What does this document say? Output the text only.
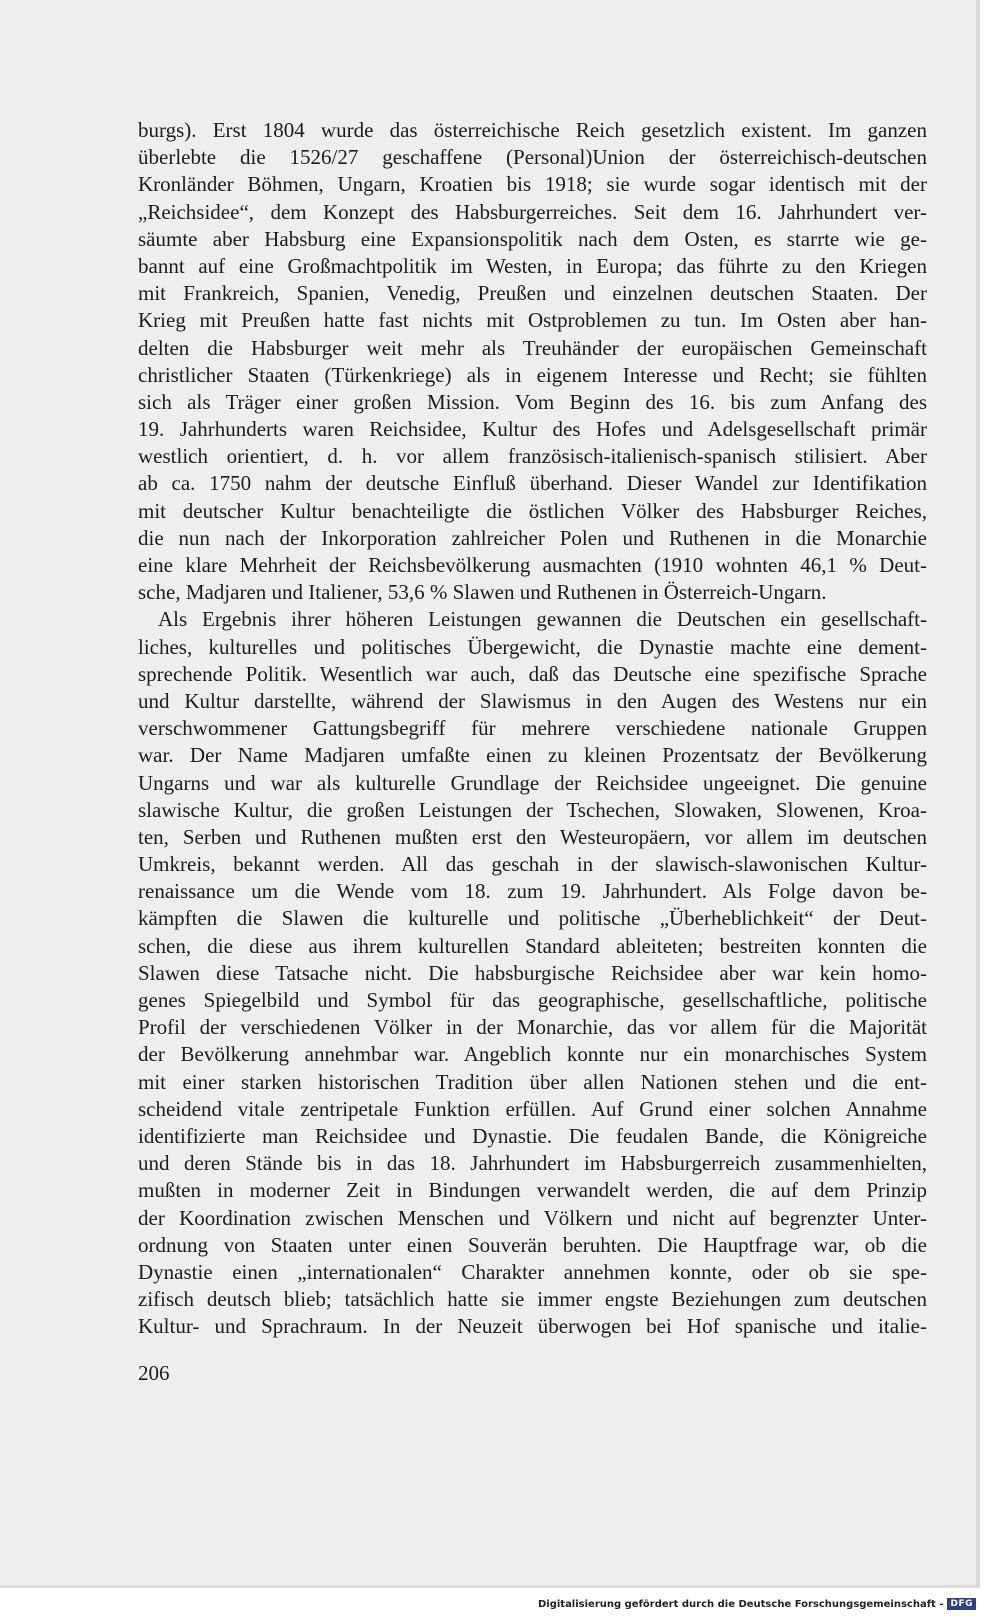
burgs). Erst 1804 wurde das österreichische Reich gesetzlich existent. Im ganzen
überlebte die 1526/27 geschaffene (Personal)Union der österreichisch-deutschen
Kronländer Böhmen, Ungarn, Kroatien bis 1918; sie wurde sogar identisch mit der
„Reichsidee“, dem Konzept des Habsburgerreiches. Seit dem 16. Jahrhundert ver-
säumte aber Habsburg eine Expansionspolitik nach dem Osten, es starrte wie ge-
bannt auf eine Großmachtpolitik im Westen, in Europa; das führte zu den Kriegen
mit Frankreich, Spanien, Venedig, Preußen und einzelnen deutschen Staaten. Der
Krieg mit Preußen hatte fast nichts mit Ostproblemen zu tun. Im Osten aber han-
delten die Habsburger weit mehr als Treuhänder der europäischen Gemeinschaft
christlicher Staaten (Türkenkriege) als in eigenem Interesse und Recht; sie fühlten
sich als Träger einer großen Mission. Vom Beginn des 16. bis zum Anfang des
19. Jahrhunderts waren Reichsidee, Kultur des Hofes und Adelsgesellschaft primär
westlich orientiert, d. h. vor allem französisch-italienisch-spanisch stilisiert. Aber
ab ca. 1750 nahm der deutsche Einfluß überhand. Dieser Wandel zur Identifikation
mit deutscher Kultur benachteiligte die östlichen Völker des Habsburger Reiches,
die nun nach der Inkorporation zahlreicher Polen und Ruthenen in die Monarchie
eine klare Mehrheit der Reichsbevölkerung ausmachten (1910 wohnten 46,1 % Deut-
sche, Madjaren und Italiener, 53,6 % Slawen und Ruthenen in Österreich-Ungarn.
Als Ergebnis ihrer höheren Leistungen gewannen die Deutschen ein gesellschaft-
liches, kulturelles und politisches Übergewicht, die Dynastie machte eine dement-
sprechende Politik. Wesentlich war auch, daß das Deutsche eine spezifische Sprache
und Kultur darstellte, während der Slawismus in den Augen des Westens nur ein
verschwommener Gattungsbegriff für mehrere verschiedene nationale Gruppen
war. Der Name Madjaren umfaßte einen zu kleinen Prozentsatz der Bevölkerung
Ungarns und war als kulturelle Grundlage der Reichsidee ungeeignet. Die genuine
slawische Kultur, die großen Leistungen der Tschechen, Slowaken, Slowenen, Kroa-
ten, Serben und Ruthenen mußten erst den Westeuropäern, vor allem im deutschen
Umkreis, bekannt werden. All das geschah in der slawisch-slawonischen Kultur-
renaissance um die Wende vom 18. zum 19. Jahrhundert. Als Folge davon be-
kämpften die Slawen die kulturelle und politische „Überheblichkeit“ der Deut-
schen, die diese aus ihrem kulturellen Standard ableiteten; bestreiten konnten die
Slawen diese Tatsache nicht. Die habsburgische Reichsidee aber war kein homo-
genes Spiegelbild und Symbol für das geographische, gesellschaftliche, politische
Profil der verschiedenen Völker in der Monarchie, das vor allem für die Majorität
der Bevölkerung annehmbar war. Angeblich konnte nur ein monarchisches System
mit einer starken historischen Tradition über allen Nationen stehen und die ent-
scheidend vitale zentripetale Funktion erfüllen. Auf Grund einer solchen Annahme
identifizierte man Reichsidee und Dynastie. Die feudalen Bande, die Königreiche
und deren Stände bis in das 18. Jahrhundert im Habsburgerreich zusammenhielten,
mußten in moderner Zeit in Bindungen verwandelt werden, die auf dem Prinzip
der Koordination zwischen Menschen und Völkern und nicht auf begrenzter Unter-
ordnung von Staaten unter einen Souverän beruhten. Die Hauptfrage war, ob die
Dynastie einen „internationalen“ Charakter annehmen konnte, oder ob sie spe-
zifisch deutsch blieb; tatsächlich hatte sie immer engste Beziehungen zum deutschen
Kultur- und Sprachraum. In der Neuzeit überwogen bei Hof spanische und italie-
206
Digitalisierung gefördert durch die Deutsche Forschungsgemeinschaft - DFG
